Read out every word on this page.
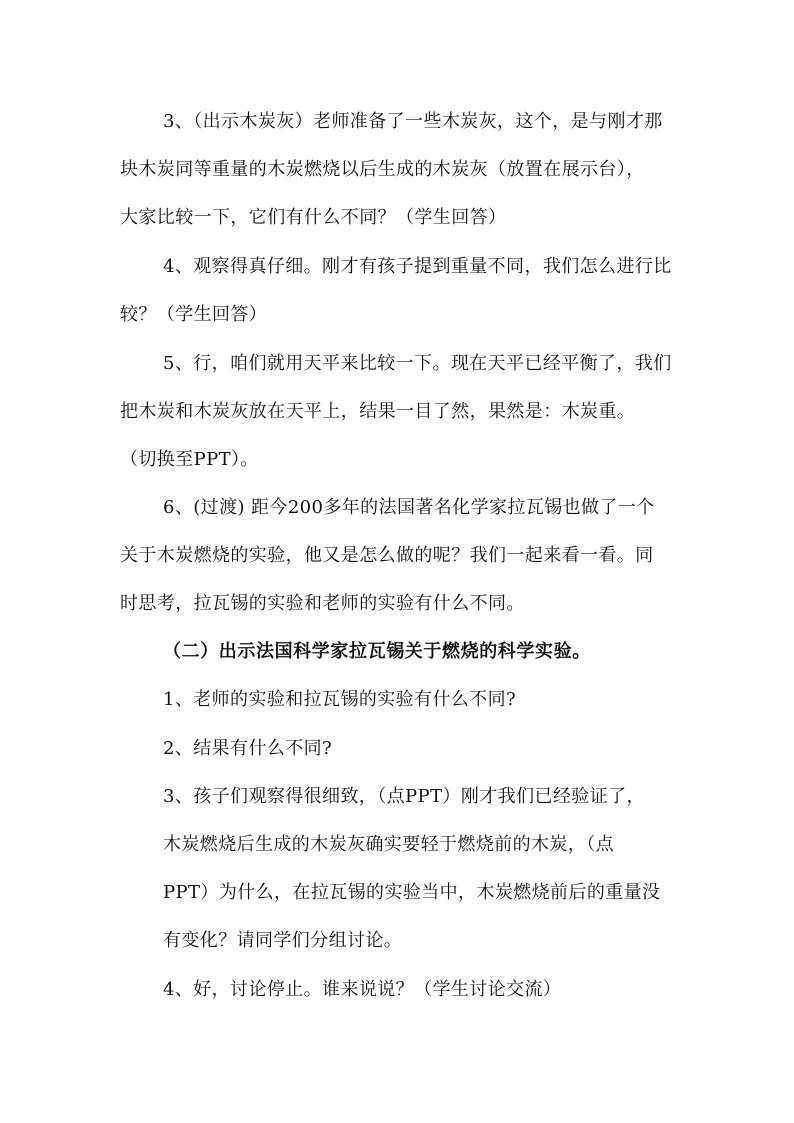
3、（出示木炭灰）老师准备了一些木炭灰，这个，是与刚才那
块木炭同等重量的木炭燃烧以后生成的木炭灰（放置在展示台），
大家比较一下，它们有什么不同？（学生回答）
4、观察得真仔细。刚才有孩子提到重量不同，我们怎么进行比
较？（学生回答）
5、行，咱们就用天平来比较一下。现在天平已经平衡了，我们
把木炭和木炭灰放在天平上，结果一目了然，果然是：木炭重。
（切换至PPT）。
6、(过渡) 距今200多年的法国著名化学家拉瓦锡也做了一个
关于木炭燃烧的实验，他又是怎么做的呢？我们一起来看一看。同
时思考，拉瓦锡的实验和老师的实验有什么不同。
（二）出示法国科学家拉瓦锡关于燃烧的科学实验。
1、老师的实验和拉瓦锡的实验有什么不同?
2、结果有什么不同?
3、孩子们观察得很细致，（点PPT）刚才我们已经验证了，
木炭燃烧后生成的木炭灰确实要轻于燃烧前的木炭，（点
PPT）为什么，在拉瓦锡的实验当中，木炭燃烧前后的重量没
有变化？请同学们分组讨论。
4、好，讨论停止。谁来说说？（学生讨论交流）
